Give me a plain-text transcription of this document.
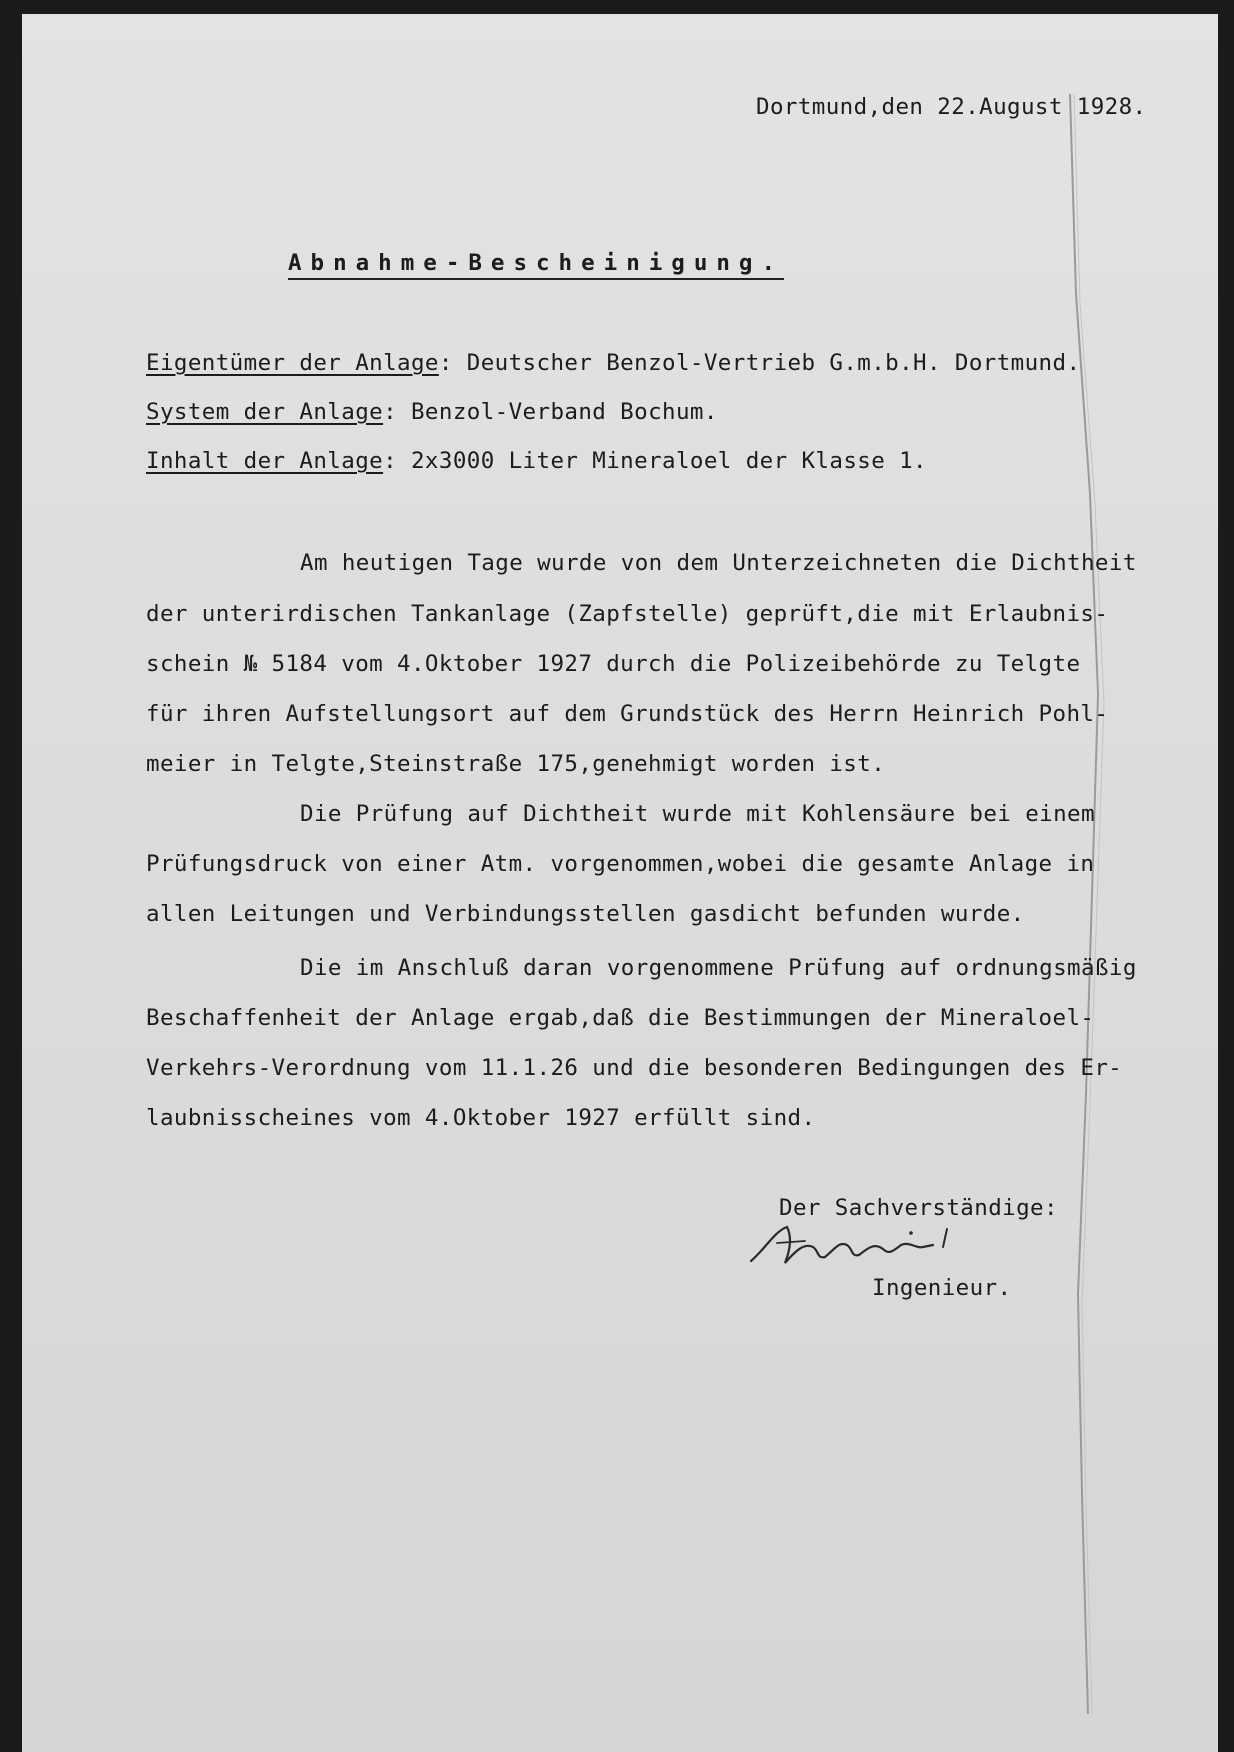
Dortmund,den 22.August 1928.
Abnahme-Bescheinigung.
Eigentümer der Anlage: Deutscher Benzol-Vertrieb G.m.b.H. Dortmund.
System der Anlage: Benzol-Verband Bochum.
Inhalt der Anlage: 2x3000 Liter Mineraloel der Klasse 1.
Am heutigen Tage wurde von dem Unterzeichneten die Dichtheit
der unterirdischen Tankanlage (Zapfstelle) geprüft,die mit Erlaubnis-
schein № 5184 vom 4.Oktober 1927 durch die Polizeibehörde zu Telgte
für ihren Aufstellungsort auf dem Grundstück des Herrn Heinrich Pohl-
meier in Telgte,Steinstraße 175,genehmigt worden ist.
Die Prüfung auf Dichtheit wurde mit Kohlensäure bei einem
Prüfungsdruck von einer Atm. vorgenommen,wobei die gesamte Anlage in
allen Leitungen und Verbindungsstellen gasdicht befunden wurde.
Die im Anschluß daran vorgenommene Prüfung auf ordnungsmäßig
Beschaffenheit der Anlage ergab,daß die Bestimmungen der Mineraloel-
Verkehrs-Verordnung vom 11.1.26 und die besonderen Bedingungen des Er-
laubnisscheines vom 4.Oktober 1927 erfüllt sind.
Der Sachverständige:
Ingenieur.
